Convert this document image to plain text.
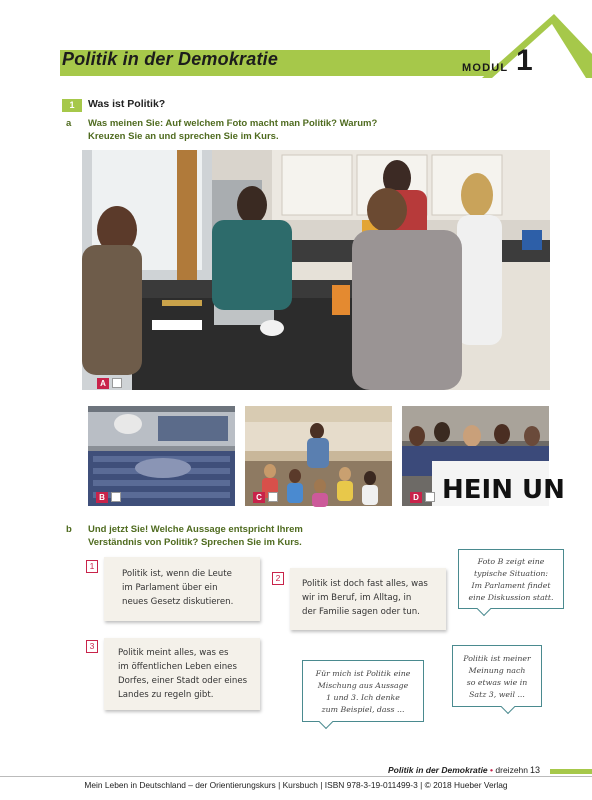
Politik in der Demokratie	MODUL 1
1	Was ist Politik?
a Was meinen Sie: Auf welchem Foto macht man Politik? Warum?
Kreuzen Sie an und sprechen Sie im Kurs.
A
B	C	HEIN UN
D
b Und jetzt Sie! Welche Aussage entspricht Ihrem
Verständnis von Politik? Sprechen Sie im Kurs.
1
Politik ist, wenn die Leute
im Parlament über ein
neues Gesetz diskutieren.
2
Politik ist doch fast alles, was
wir im Beruf, im Alltag, in
der Familie sagen oder tun.
3
Politik meint alles, was es
im öffentlichen Leben eines
Dorfes, einer Stadt oder eines
Landes zu regeln gibt.
Foto B zeigt eine
typische Situation:
Im Parlament findet
eine Diskussion statt.
Für mich ist Politik eine
Mischung aus Aussage
1 und 3. Ich denke
zum Beispiel, dass ...
Politik ist meiner
Meinung nach
so etwas wie in
Satz 3, weil ...
Politik in der Demokratie • dreizehn 13
Mein Leben in Deutschland – der Orientierungskurs | Kursbuch | ISBN 978-3-19-011499-3 | © 2018 Hueber Verlag
